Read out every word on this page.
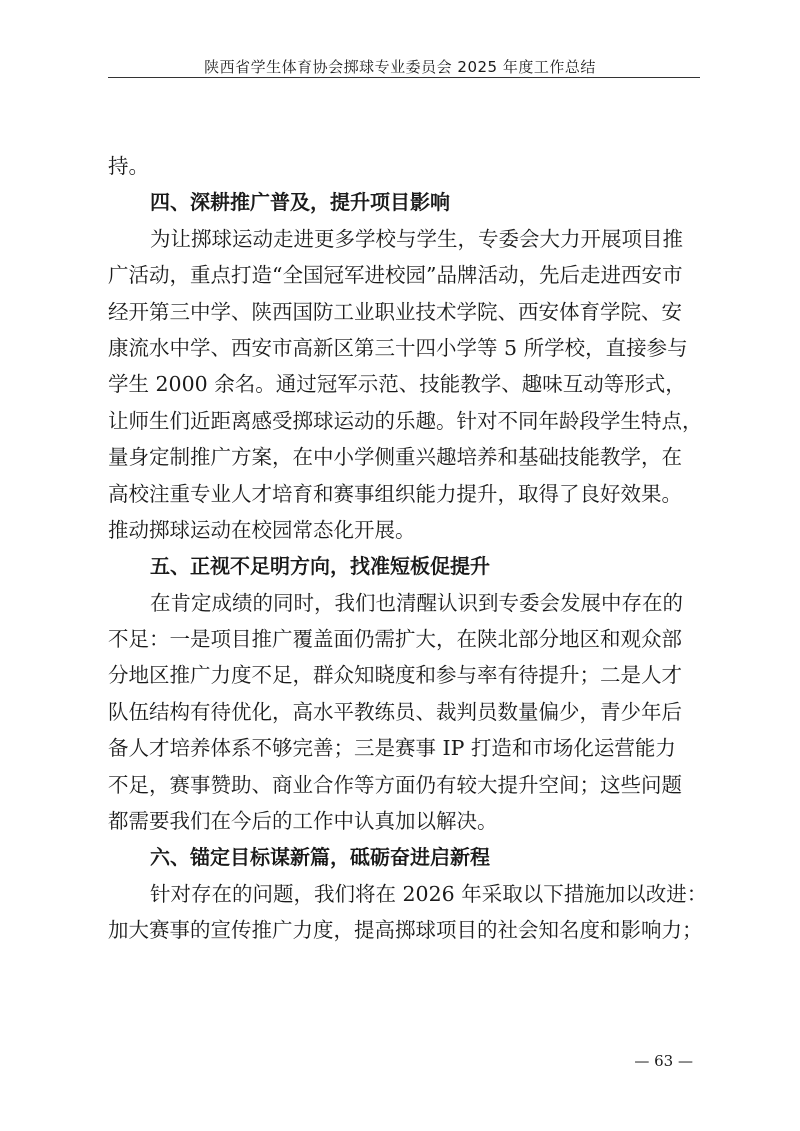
陕西省学生体育协会掷球专业委员会 2025 年度工作总结
持。
四、深耕推广普及，提升项目影响
为让掷球运动走进更多学校与学生，专委会大力开展项目推
广活动，重点打造“全国冠军进校园”品牌活动，先后走进西安市
经开第三中学、陕西国防工业职业技术学院、西安体育学院、安
康流水中学、西安市高新区第三十四小学等 5 所学校，直接参与
学生 2000 余名。通过冠军示范、技能教学、趣味互动等形式，
让师生们近距离感受掷球运动的乐趣。针对不同年龄段学生特点，
量身定制推广方案，在中小学侧重兴趣培养和基础技能教学，在
高校注重专业人才培育和赛事组织能力提升，取得了良好效果。
推动掷球运动在校园常态化开展。
五、正视不足明方向，找准短板促提升
在肯定成绩的同时，我们也清醒认识到专委会发展中存在的
不足：一是项目推广覆盖面仍需扩大，在陕北部分地区和观众部
分地区推广力度不足，群众知晓度和参与率有待提升；二是人才
队伍结构有待优化，高水平教练员、裁判员数量偏少，青少年后
备人才培养体系不够完善；三是赛事 IP 打造和市场化运营能力
不足，赛事赞助、商业合作等方面仍有较大提升空间；这些问题
都需要我们在今后的工作中认真加以解决。
六、锚定目标谋新篇，砥砺奋进启新程
针对存在的问题，我们将在 2026 年采取以下措施加以改进：
加大赛事的宣传推广力度，提高掷球项目的社会知名度和影响力；
— 63 —
